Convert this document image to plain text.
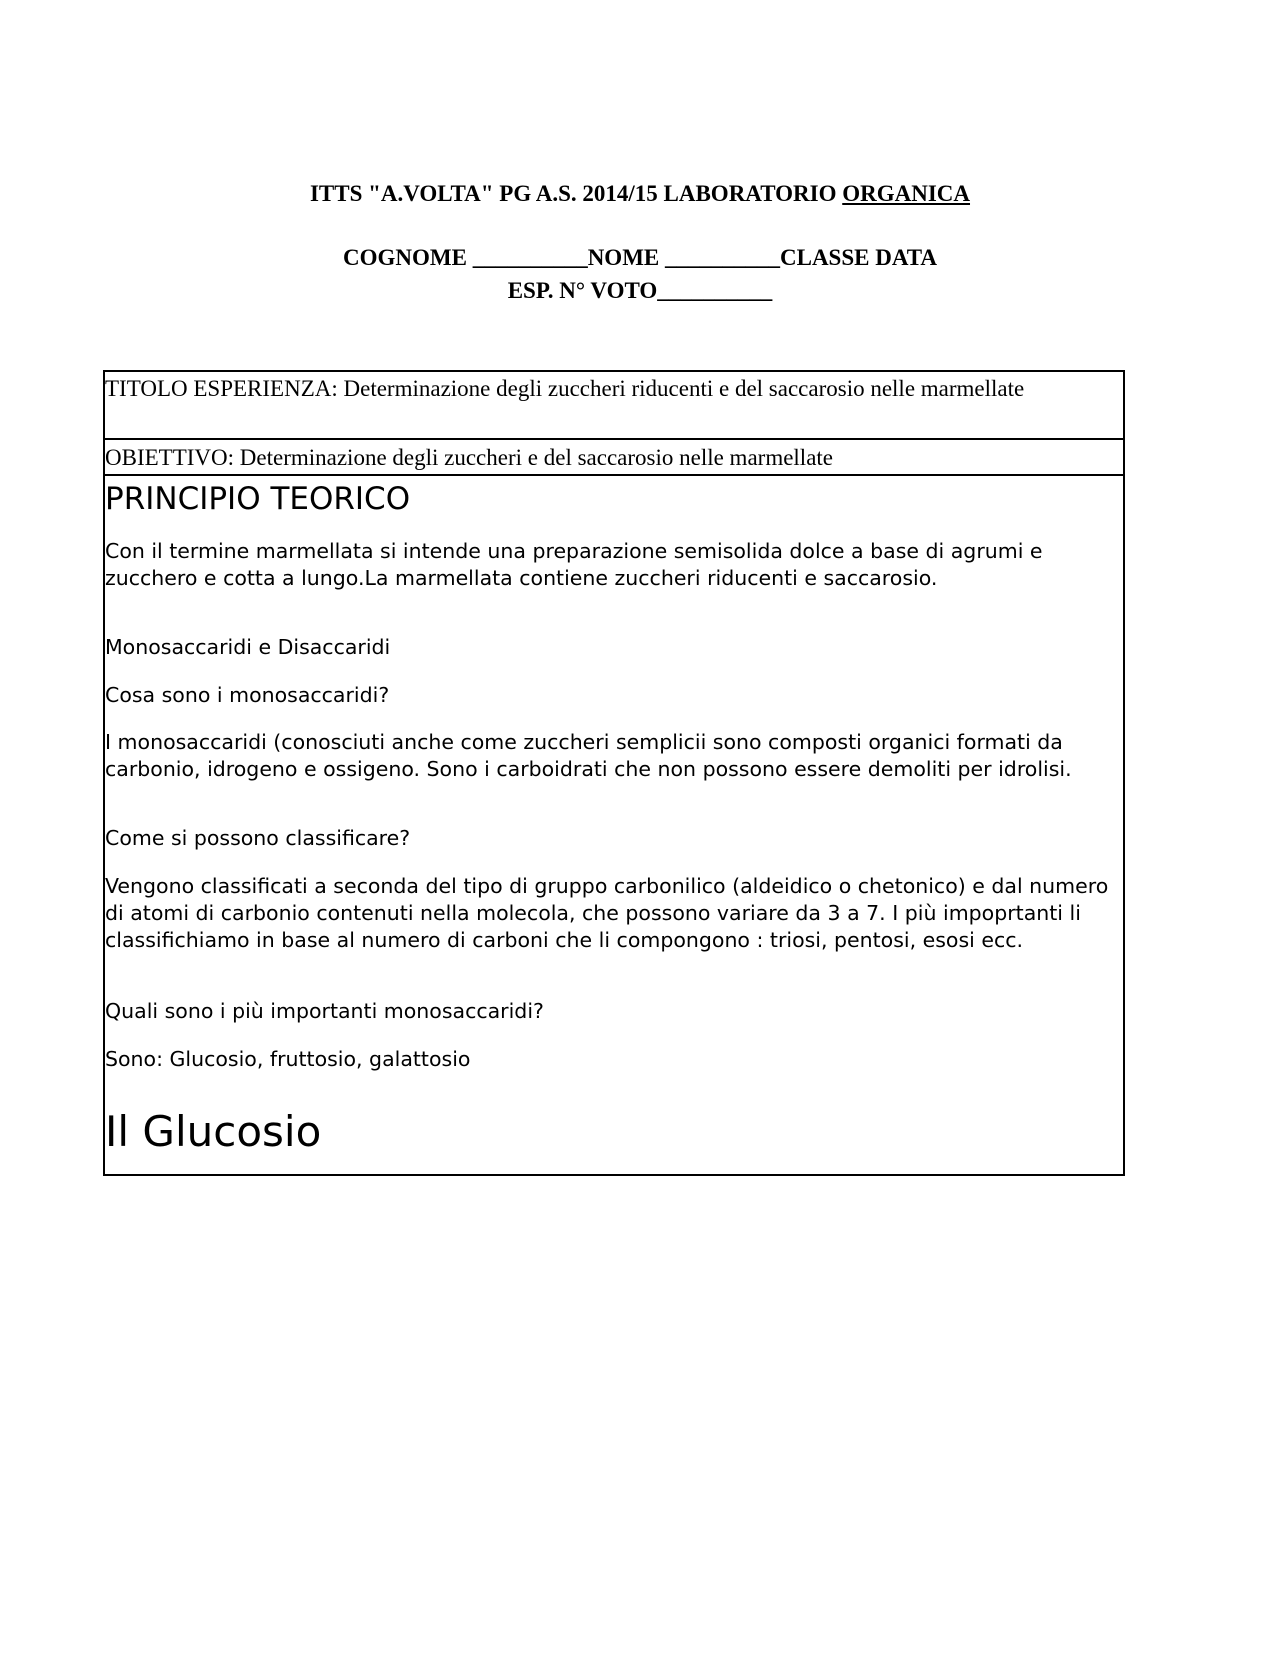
ITTS "A.VOLTA" PG A.S. 2014/15 LABORATORIO ORGANICA
COGNOME __________NOME __________CLASSE DATA
ESP. N° VOTO__________
TITOLO ESPERIENZA: Determinazione degli zuccheri riducenti e del saccarosio nelle marmellate
OBIETTIVO: Determinazione degli zuccheri e del saccarosio nelle marmellate
PRINCIPIO TEORICO

Con il termine marmellata si intende una preparazione semisolida dolce a base di agrumi e zucchero e cotta a lungo.La marmellata contiene zuccheri riducenti e saccarosio.

Monosaccaridi e Disaccaridi

Cosa sono i monosaccaridi?

I monosaccaridi (conosciuti anche come zuccheri semplicii sono composti organici formati da carbonio, idrogeno e ossigeno. Sono i carboidrati che non possono essere demoliti per idrolisi.

Come si possono classificare?

Vengono classificati a seconda del tipo di gruppo carbonilico (aldeidico o chetonico) e dal numero di atomi di carbonio contenuti nella molecola, che possono variare da 3 a 7. I più impoprtanti li classifichiamo in base al numero di carboni che li compongono : triosi, pentosi, esosi ecc.

Quali sono i più importanti monosaccaridi?

Sono: Glucosio, fruttosio, galattosio

Il Glucosio
